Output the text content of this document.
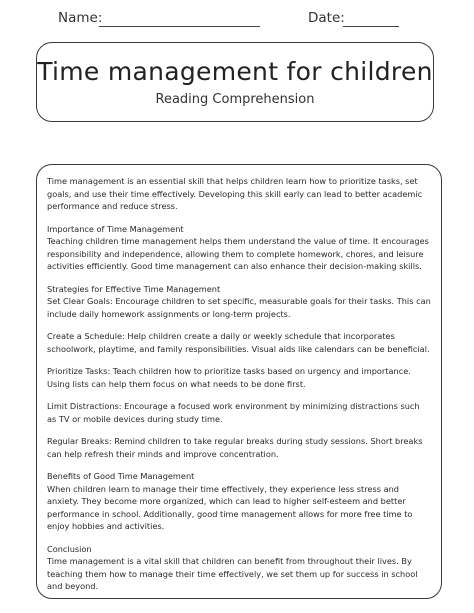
Name:	Date:
Time management for children
Reading Comprehension

Time management is an essential skill that helps children learn how to prioritize tasks, set goals, and use their time effectively. Developing this skill early can lead to better academic performance and reduce stress.

Importance of Time Management

Teaching children time management helps them understand the value of time. It encourages responsibility and independence, allowing them to complete homework, chores, and leisure activities efficiently. Good time management can also enhance their decision-making skills.

Strategies for Effective Time Management

Set Clear Goals: Encourage children to set specific, measurable goals for their tasks. This can include daily homework assignments or long-term projects.

Create a Schedule: Help children create a daily or weekly schedule that incorporates schoolwork, playtime, and family responsibilities. Visual aids like calendars can be beneficial.

Prioritize Tasks: Teach children how to prioritize tasks based on urgency and importance. Using lists can help them focus on what needs to be done first.

Limit Distractions: Encourage a focused work environment by minimizing distractions such as TV or mobile devices during study time.

Regular Breaks: Remind children to take regular breaks during study sessions. Short breaks can help refresh their minds and improve concentration.

Benefits of Good Time Management

When children learn to manage their time effectively, they experience less stress and anxiety. They become more organized, which can lead to higher self-esteem and better performance in school. Additionally, good time management allows for more free time to enjoy hobbies and activities.

Conclusion

Time management is a vital skill that children can benefit from throughout their lives. By teaching them how to manage their time effectively, we set them up for success in school and beyond.
